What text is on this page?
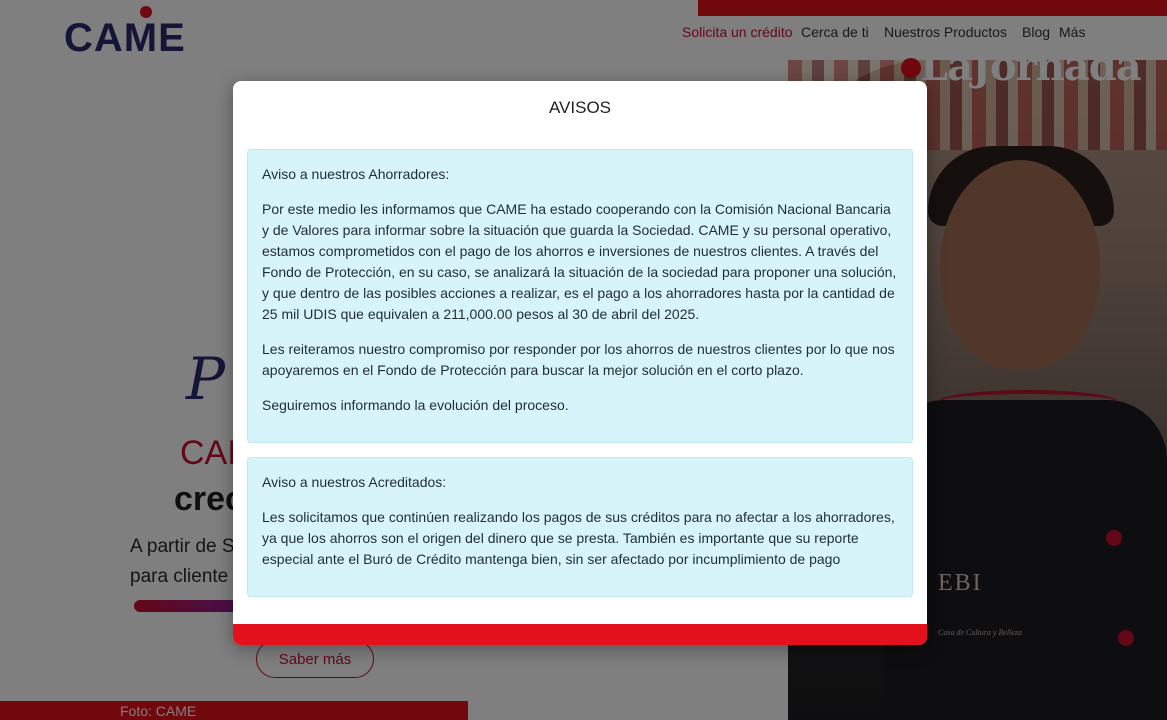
AVISOS

Aviso a nuestros Ahorradores:

Por este medio les informamos que CAME ha estado cooperando con la Comisión Nacional Bancaria y de Valores para informar sobre la situación que guarda la Sociedad. CAME y su personal operativo, estamos comprometidos con el pago de los ahorros e inversiones de nuestros clientes. A través del Fondo de Protección, en su caso, se analizará la situación de la sociedad para proponer una solución, y que dentro de las posibles acciones a realizar, es el pago a los ahorradores hasta por la cantidad de 25 mil UDIS que equivalen a 211,000.00 pesos al 30 de abril del 2025.

Les reiteramos nuestro compromiso por responder por los ahorros de nuestros clientes por lo que nos apoyaremos en el Fondo de Protección para buscar la mejor solución en el corto plazo.

Seguiremos informando la evolución del proceso.

Aviso a nuestros Acreditados:

Les solicitamos que continúen realizando los pagos de sus créditos para no afectar a los ahorradores, ya que los ahorros son el origen del dinero que se presta. También es importante que su reporte especial ante el Buró de Crédito mantenga bien, sin ser afectado por incumplimiento de pago
